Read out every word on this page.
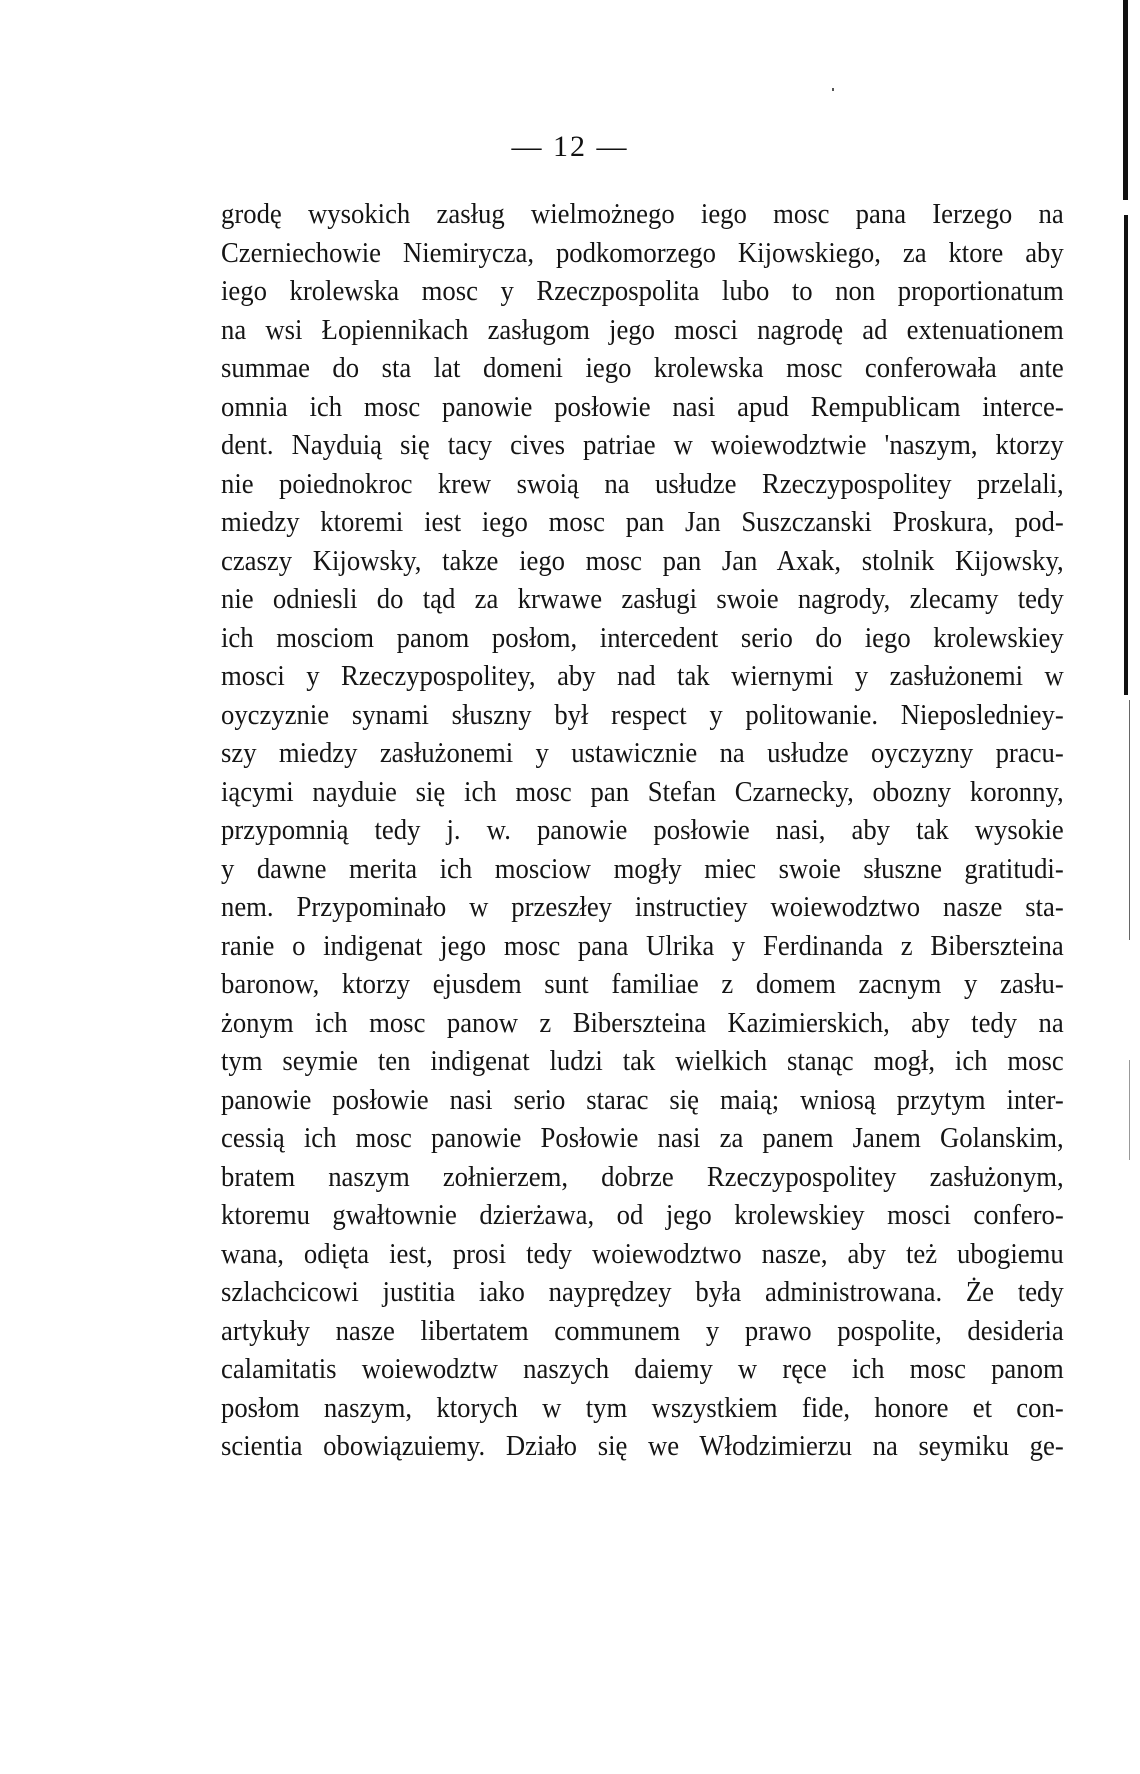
— 12 —
grodę wysokich zasług wielmożnego iego mosc pana Ierzego na
Czerniechowie Niemirycza, podkomorzego Kijowskiego, za ktore aby
iego krolewska mosc y Rzeczpospolita lubo to non proportionatum
na wsi Łopiennikach zasługom jego mosci nagrodę ad extenuationem
summae do sta lat domeni iego krolewska mosc conferowała ante
omnia ich mosc panowie posłowie nasi apud Rempublicam interce-
dent. Nayduią się tacy cives patriae w woiewodztwie 'naszym, ktorzy
nie poiednokroc krew swoią na usłudze Rzeczypospolitey przelali,
miedzy ktoremi iest iego mosc pan Jan Suszczanski Proskura, pod-
czaszy Kijowsky, takze iego mosc pan Jan Axak, stolnik Kijowsky,
nie odniesli do tąd za krwawe zasługi swoie nagrody, zlecamy tedy
ich mosciom panom posłom, intercedent serio do iego krolewskiey
mosci y Rzeczypospolitey, aby nad tak wiernymi y zasłużonemi w
oyczyznie synami słuszny był respect y politowanie. Nieposledniey-
szy miedzy zasłużonemi y ustawicznie na usłudze oyczyzny pracu-
iącymi nayduie się ich mosc pan Stefan Czarnecky, obozny koronny,
przypomnią tedy j. w. panowie posłowie nasi, aby tak wysokie
y dawne merita ich mosciow mogły miec swoie słuszne gratitudi-
nem. Przypominało w przeszłey instructiey woiewodztwo nasze sta-
ranie o indigenat jego mosc pana Ulrika y Ferdinanda z Bibersztеina
baronow, ktorzy ejusdem sunt familiae z domem zacnym y zasłu-
żonym ich mosc panow z Bibersztеina Kazimierskich, aby tedy na
tym seymie ten indigenat ludzi tak wielkich stanąc mogł, ich mosc
panowie posłowie nasi serio starac się maią; wniosą przytym inter-
cessią ich mosc panowie Posłowie nasi za panem Janem Golanskim,
bratem naszym zołnierzem, dobrze Rzeczypospolitey zasłużonym,
ktoremu gwałtownie dzierżawa, od jego krolewskiey mosci confero-
wana, odięta iest, prosi tedy woiewodztwo nasze, aby też ubogiemu
szlachcicowi justitia iako nayprędzey była administrowana. Że tedy
artykuły nasze libertatem communem y prawo pospolite, desideria
calamitatis woiewodztw naszych daiemy w ręce ich mosc panom
posłom naszym, ktorych w tym wszystkiem fide, honore et con-
scientia obowiązuiemy. Działo się we Włodzimierzu na seymiku ge-
